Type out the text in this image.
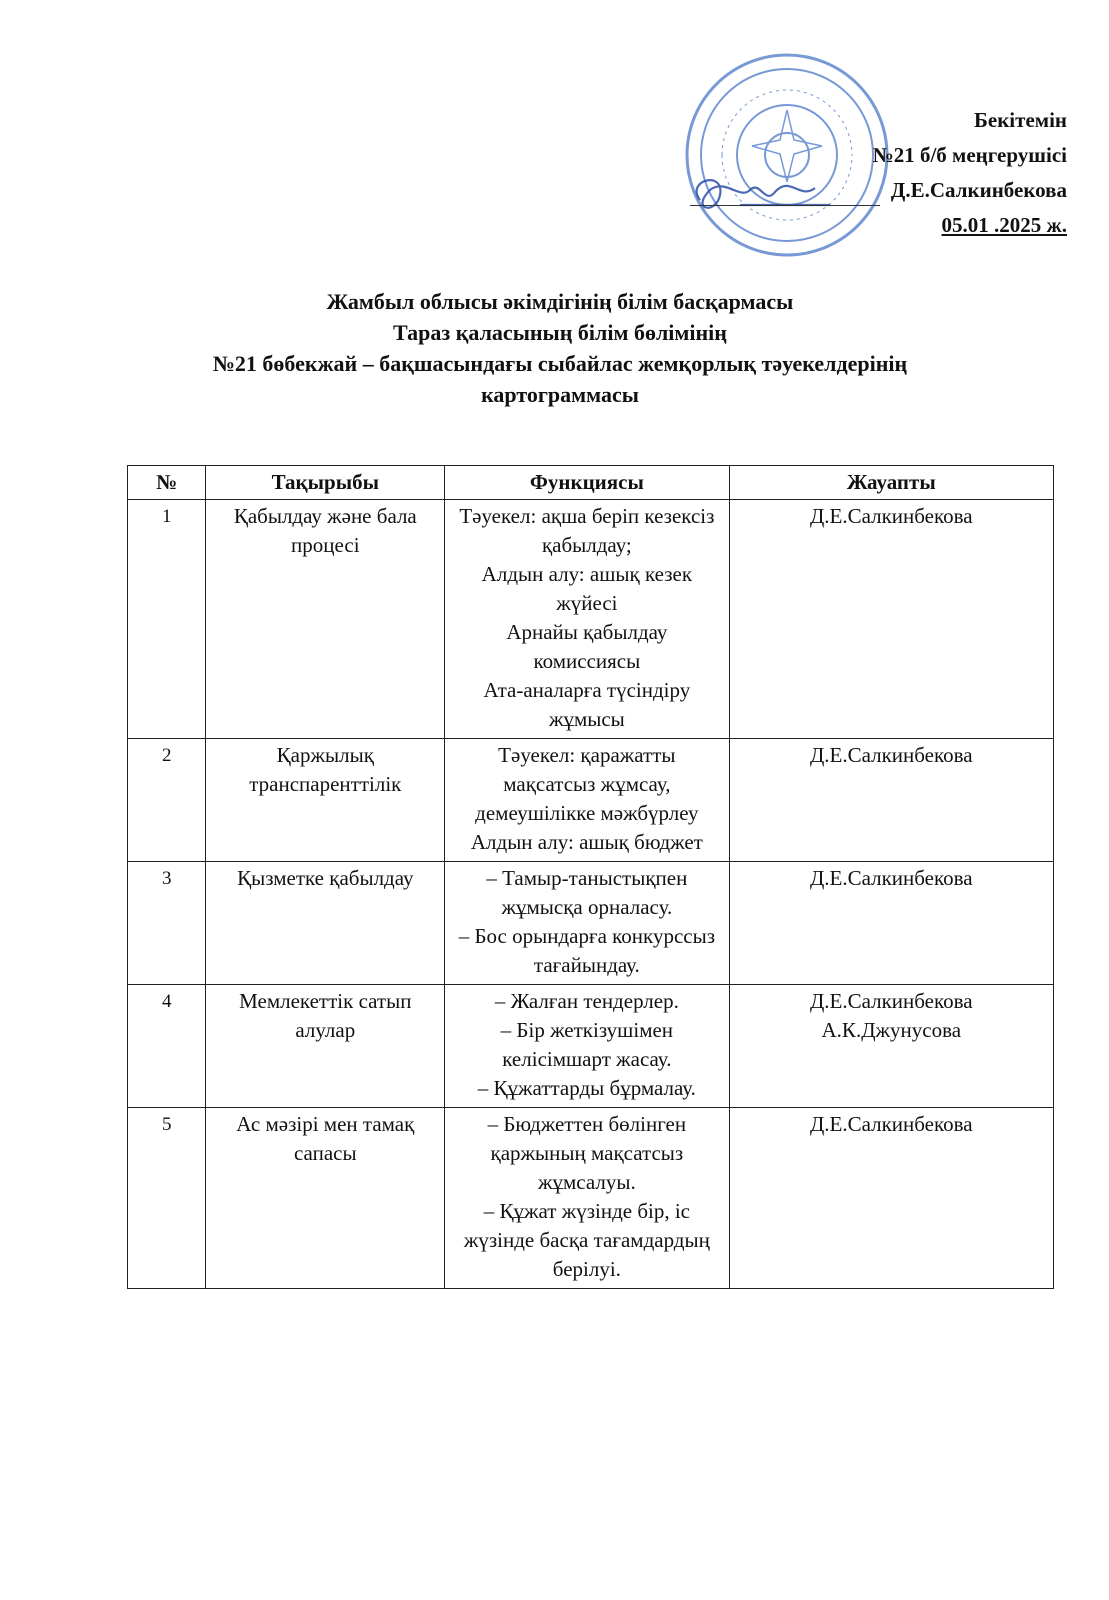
Бекітемін
№21 б/б меңгерушісі
Д.Е.Салкинбекова
05.01 .2025 ж.
Жамбыл облысы әкімдігінің білім басқармасы
Тараз қаласының білім бөлімінің
№21 бөбекжай – бақшасындағы сыбайлас жемқорлық тәуекелдерінің
картограммасы
№	Тақырыбы	Функциясы	Жауапты
1	Қабылдау және бала процесі	Тәуекел: ақша беріп кезексіз қабылдау;
Алдын алу: ашық кезек жүйесі
Арнайы қабылдау комиссиясы
Ата-аналарға түсіндіру жұмысы	Д.Е.Салкинбекова

2	Қаржылық транспаренттілік	Тәуекел: қаражатты мақсатсыз жұмсау, демеушілікке мәжбүрлеу
Алдын алу: ашық бюджет	Д.Е.Салкинбекова

3	Қызметке қабылдау	– Тамыр-таныстықпен жұмысқа орналасу.
– Бос орындарға конкурссыз тағайындау.	Д.Е.Салкинбекова

4	Мемлекеттік сатып алулар	– Жалған тендерлер.
– Бір жеткізушімен келісімшарт жасау.
– Құжаттарды бұрмалау.	Д.Е.Салкинбекова
А.К.Джунусова

5	Ас мәзірі мен тамақ сапасы	– Бюджеттен бөлінген қаржының мақсатсыз жұмсалуы.
– Құжат жүзінде бір, іс жүзінде басқа тағамдардың берілуі.	Д.Е.Салкинбекова
